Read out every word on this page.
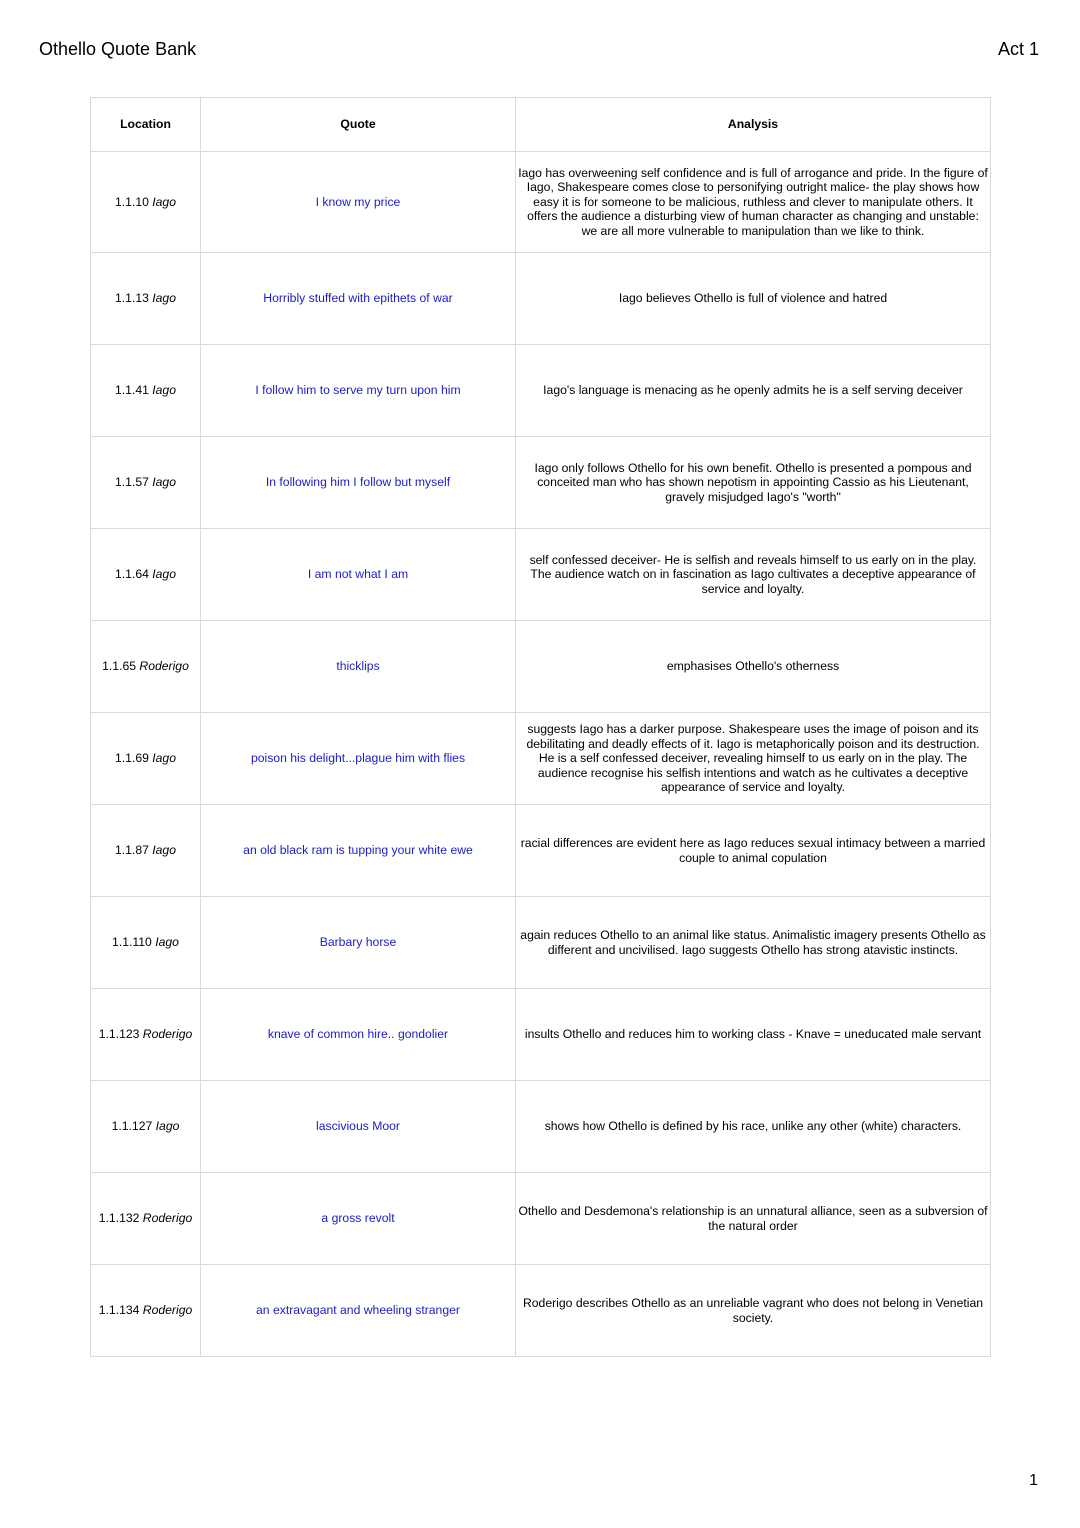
Othello Quote Bank	Act 1
Location	Quote	Analysis
1.1.10 Iago	I know my price	Iago has overweening self confidence and is full of arrogance and pride. In the figure of Iago, Shakespeare comes close to personifying outright malice- the play shows how easy it is for someone to be malicious, ruthless and clever to manipulate others. It offers the audience a disturbing view of human character as changing and unstable: we are all more vulnerable to manipulation than we like to think.
1.1.13 Iago	Horribly stuffed with epithets of war	Iago believes Othello is full of violence and hatred
1.1.41 Iago	I follow him to serve my turn upon him	Iago's language is menacing as he openly admits he is a self serving deceiver
1.1.57 Iago	In following him I follow but myself	Iago only follows Othello for his own benefit. Othello is presented a pompous and conceited man who has shown nepotism in appointing Cassio as his Lieutenant, gravely misjudged Iago's "worth"
1.1.64 Iago	I am not what I am	self confessed deceiver- He is selfish and reveals himself to us early on in the play. The audience watch on in fascination as Iago cultivates a deceptive appearance of service and loyalty.
1.1.65 Roderigo	thicklips	emphasises Othello's otherness
1.1.69 Iago	poison his delight...plague him with flies	suggests Iago has a darker purpose. Shakespeare uses the image of poison and its debilitating and deadly effects of it. Iago is metaphorically poison and its destruction. He is a self confessed deceiver, revealing himself to us early on in the play. The audience recognise his selfish intentions and watch as he cultivates a deceptive appearance of service and loyalty.
1.1.87 Iago	an old black ram is tupping your white ewe	racial differences are evident here as Iago reduces sexual intimacy between a married couple to animal copulation
1.1.110 Iago	Barbary horse	again reduces Othello to an animal like status. Animalistic imagery presents Othello as different and uncivilised. Iago suggests Othello has strong atavistic instincts.
1.1.123 Roderigo	knave of common hire.. gondolier	insults Othello and reduces him to working class - Knave = uneducated male servant
1.1.127 Iago	lascivious Moor	shows how Othello is defined by his race, unlike any other (white) characters.
1.1.132 Roderigo	a gross revolt	Othello and Desdemona's relationship is an unnatural alliance, seen as a subversion of the natural order
1.1.134 Roderigo	an extravagant and wheeling stranger	Roderigo describes Othello as an unreliable vagrant who does not belong in Venetian society.
1
